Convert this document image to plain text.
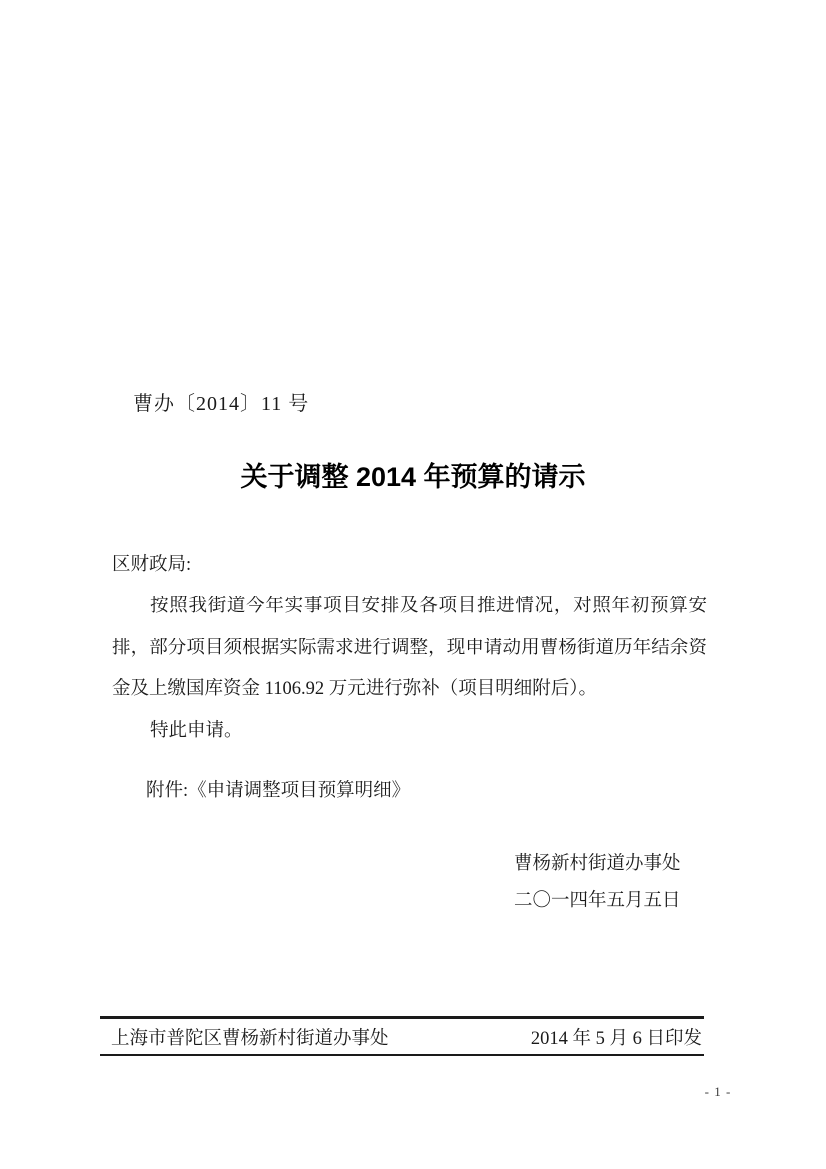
曹办〔2014〕11 号
关于调整 2014 年预算的请示
区财政局:
按照我街道今年实事项目安排及各项目推进情况，对照年初预算安
排，部分项目须根据实际需求进行调整，现申请动用曹杨街道历年结余资
金及上缴国库资金 1106.92 万元进行弥补（项目明细附后）。
特此申请。
附件:《申请调整项目预算明细》
曹杨新村街道办事处
二〇一四年五月五日
上海市普陀区曹杨新村街道办事处	2014 年 5 月 6 日印发
- 1 -
